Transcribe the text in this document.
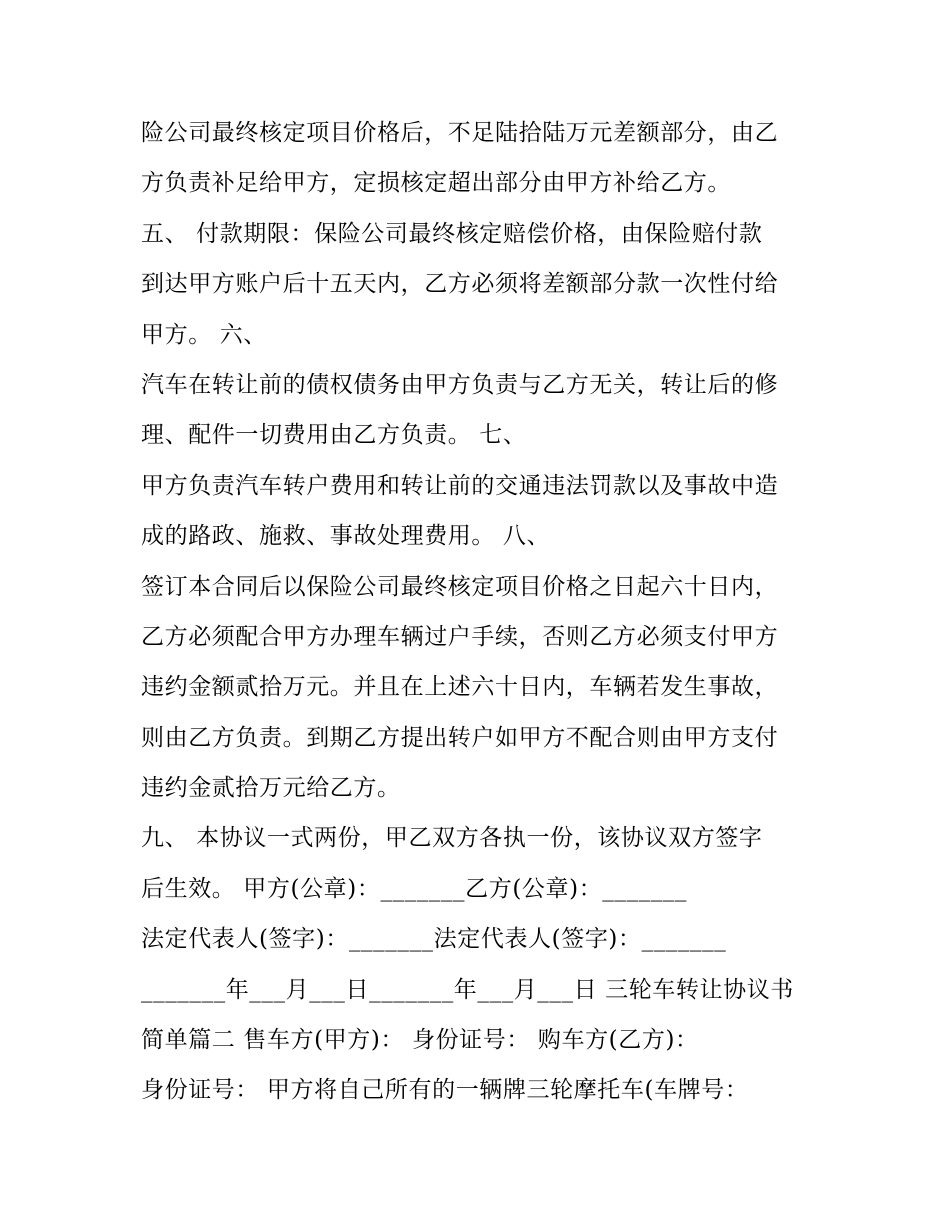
险公司最终核定项目价格后，不足陆拾陆万元差额部分，由乙
方负责补足给甲方，定损核定超出部分由甲方补给乙方。
五、 付款期限：保险公司最终核定赔偿价格，由保险赔付款
到达甲方账户后十五天内，乙方必须将差额部分款一次性付给
甲方。 六、
汽车在转让前的债权债务由甲方负责与乙方无关，转让后的修
理、配件一切费用由乙方负责。 七、
甲方负责汽车转户费用和转让前的交通违法罚款以及事故中造
成的路政、施救、事故处理费用。 八、
签订本合同后以保险公司最终核定项目价格之日起六十日内，
乙方必须配合甲方办理车辆过户手续，否则乙方必须支付甲方
违约金额贰拾万元。并且在上述六十日内，车辆若发生事故，
则由乙方负责。到期乙方提出转户如甲方不配合则由甲方支付
违约金贰拾万元给乙方。
九、 本协议一式两份，甲乙双方各执一份，该协议双方签字
后生效。 甲方(公章)：_______乙方(公章)：_______
法定代表人(签字)：_______法定代表人(签字)：_______
_______年___月___日_______年___月___日 三轮车转让协议书
简单篇二 售车方(甲方)： 身份证号： 购车方(乙方)：
身份证号： 甲方将自己所有的一辆牌三轮摩托车(车牌号：
